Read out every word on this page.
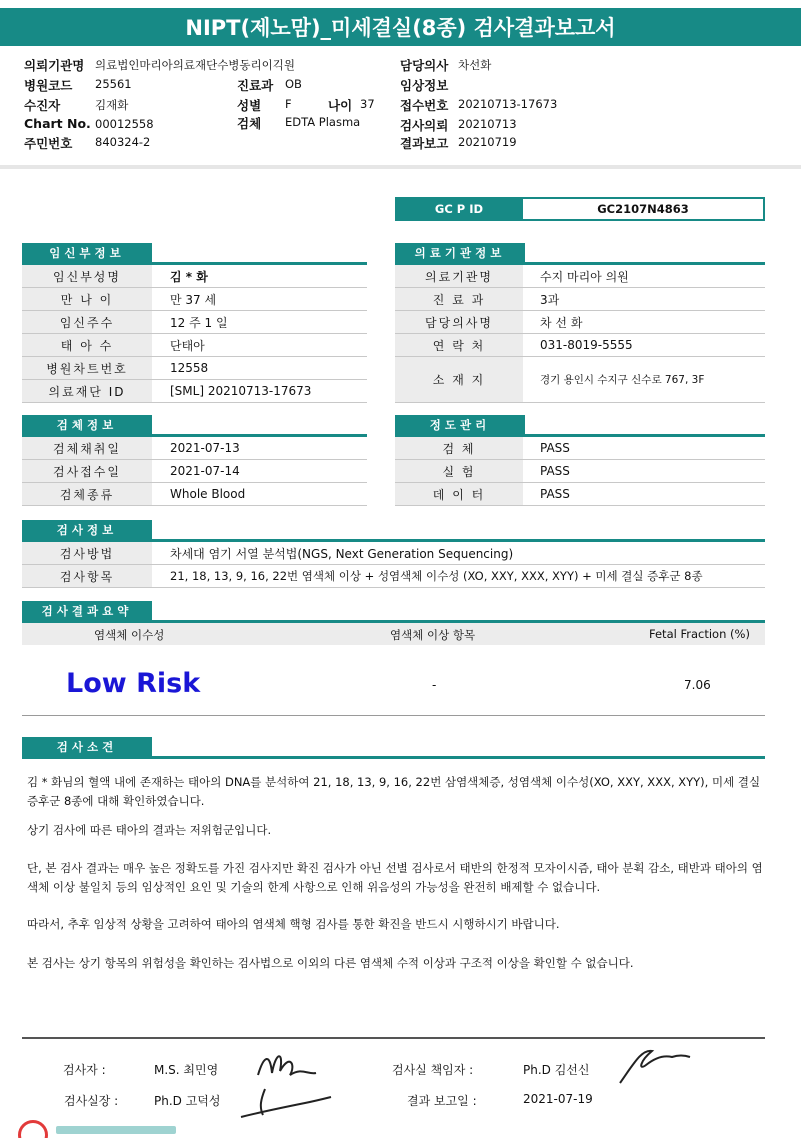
NIPT(제노맘)_미세결실(8종) 검사결과보고서
의뢰기관명 의료법인마리아의료재단수병동리이긱원
병원코드 25561	진료과 OB
수진자	김재화	성별 F	나이 37
Chart No. 00012558	검체 EDTA Plasma
주민번호 840324-2
담당의사 차선화
임상정보
접수번호 20210713-17673
검사의뢰 20210713
결과보고 20210719
GC P ID	GC2107N4863
임신부정보	의료기관정보
임신부성명	김 * 화
만 나 이	만 37 세
임신주수	12 주 1 일
태 아 수	단태아
병원차트번호	12558
의료재단 ID	[SML] 20210713-17673
의료기관명	수지 마리아 의원
진 료 과	3과
담당의사명	차 선 화
연 락 처	031-8019-5555
소 재 지	경기 용인시 수지구 신수로 767, 3F
검체정보	정도관리
검체채취일	2021-07-13
검사접수일	2021-07-14
검체종류	Whole Blood
검 체	PASS
실 험	PASS
데 이 터	PASS
검사정보
검사방법	차세대 염기 서열 분석법(NGS, Next Generation Sequencing)
검사항목	21, 18, 13, 9, 16, 22번 염색체 이상 + 성염색체 이수성 (XO, XXY, XXX, XYY) + 미세 결실 증후군 8종
검사결과요약
염색체 이수성	염색체 이상 항목	Fetal Fraction (%)
Low Risk	-	7.06
검사소견
김 * 화님의 혈액 내에 존재하는 태아의 DNA를 분석하여 21, 18, 13, 9, 16, 22번 삼염색체증, 성염색체 이수성(XO, XXY, XXX, XYY), 미세 결실 증후군 8종에 대해 확인하였습니다.
상기 검사에 따른 태아의 결과는 저위험군입니다.
단, 본 검사 결과는 매우 높은 정확도를 가진 검사지만 확진 검사가 아닌 선별 검사로서 태반의 한정적 모자이시즘, 태아 분획 감소, 태반과 태아의 염색체 이상 불일치 등의 임상적인 요인 및 기술의 한계 사항으로 인해 위음성의 가능성을 완전히 배제할 수 없습니다.
따라서, 추후 임상적 상황을 고려하여 태아의 염색체 핵형 검사를 통한 확진을 반드시 시행하시기 바랍니다.
본 검사는 상기 항목의 위험성을 확인하는 검사법으로 이외의 다른 염색체 수적 이상과 구조적 이상을 확인할 수 없습니다.
검사자 :	M.S. 최민영	검사실 책임자 :	Ph.D 김선신
검사실장 :	Ph.D 고덕성	결과 보고일 :	2021-07-19
